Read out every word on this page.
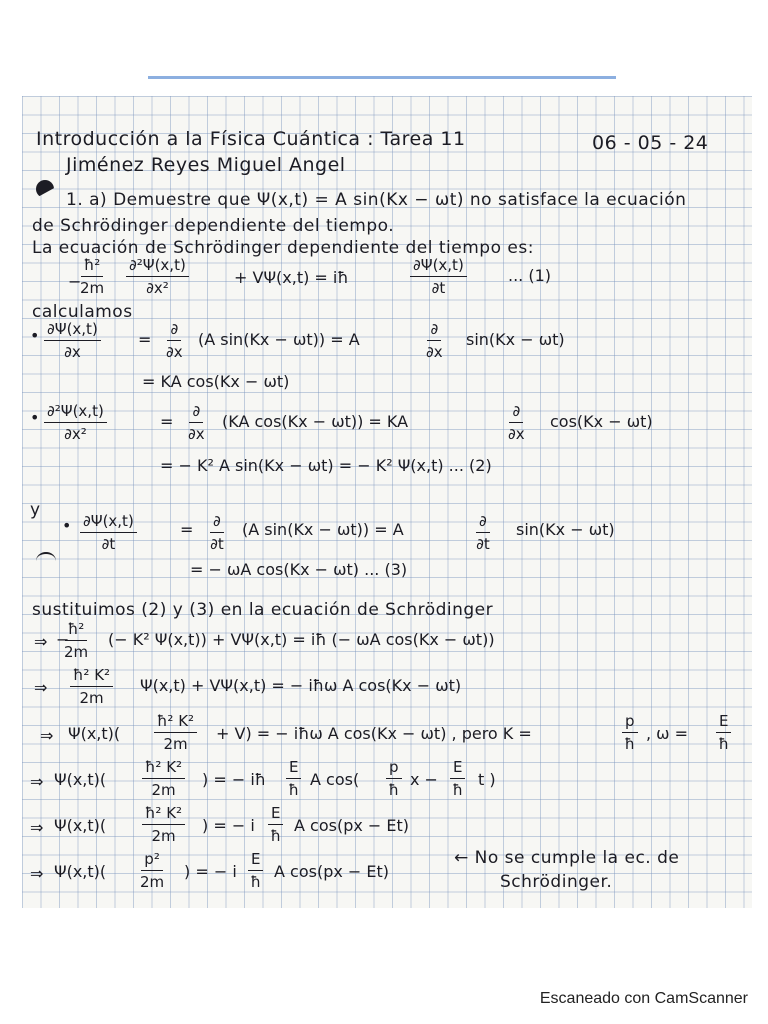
Introducción a la Física Cuántica : Tarea 11	06 - 05 - 24
Jiménez Reyes Miguel Angel
1. a) Demuestre que Ψ(x,t) = A sin(Kx − ωt) no satisface la ecuación
de Schrödinger dependiente del tiempo.
La ecuación de Schrödinger dependiente del tiempo es:
−
$\frac{\text{ħ²}}{2m} \frac{\text{∂²Ψ(x,t)}}{\text{∂x²}}$	+ VΨ(x,t) = iħ	$\frac{\partial\Psi(x,t)}{\partial t}$	... (1)
calculamos
• $\frac{\partial\Psi(x,t)}{\partial x}$ =
∂
∂x
(A sin(Kx − ωt)) = A
∂
∂x
sin(Kx − ωt)
= KA cos(Kx − ωt)
• $\frac{\text{∂²Ψ(x,t)}}{\text{∂x²}}$	=
∂
∂x
(KA cos(Kx − ωt)) = KA
∂
∂x
cos(Kx − ωt)
= − K² A sin(Kx − ωt) = − K² Ψ(x,t) ... (2)
y
• $\frac{\partial\Psi(x,t)}{\partial t}$	= ∂
∂t
(A sin(Kx − ωt)) = A	∂
∂t
sin(Kx − ωt)
= − ωA cos(Kx − ωt) ... (3)
sustituimos (2) y (3) en la ecuación de Schrödinger
⇒ −
$\frac{\text{ħ²}}{2m}$ (− K² Ψ(x,t)) + VΨ(x,t) = iħ (− ωA cos(Kx − ωt))
⇒ $\frac{\text{ħ² K²}}{2m} \Psi(x,t) + V\Psi(x,t)$ = − iħω A cos(Kx − ωt)
⇒ $\Psi(x,t)( \frac{\text{ħ² K²}}{2m} + V)$ = − iħω A cos(Kx − ωt) , pero K =	$\frac{p}{ħ}$ , $\omega = \frac{E}{ħ}$
⇒ $\Psi(x,t)( \frac{\text{ħ² K²}}{2m}$ ) = − iħ $\frac{E}{ħ}$ A $\cos( \frac{p}{ħ}$ $x - \frac{E}{ħ}$ t )
⇒ $\Psi(x,t)( \frac{\text{ħ² K²}}{2m}$ ) = − i $\frac{E}{ħ}$ A cos(px − Et)
⇒ $\Psi(x,t)( \frac{\text{p²}}{2m}$ ) = − i $\frac{E}{ħ}$ A cos(px − Et)
← No se cumple la ec. de
Schrödinger.
Escaneado con CamScanner
